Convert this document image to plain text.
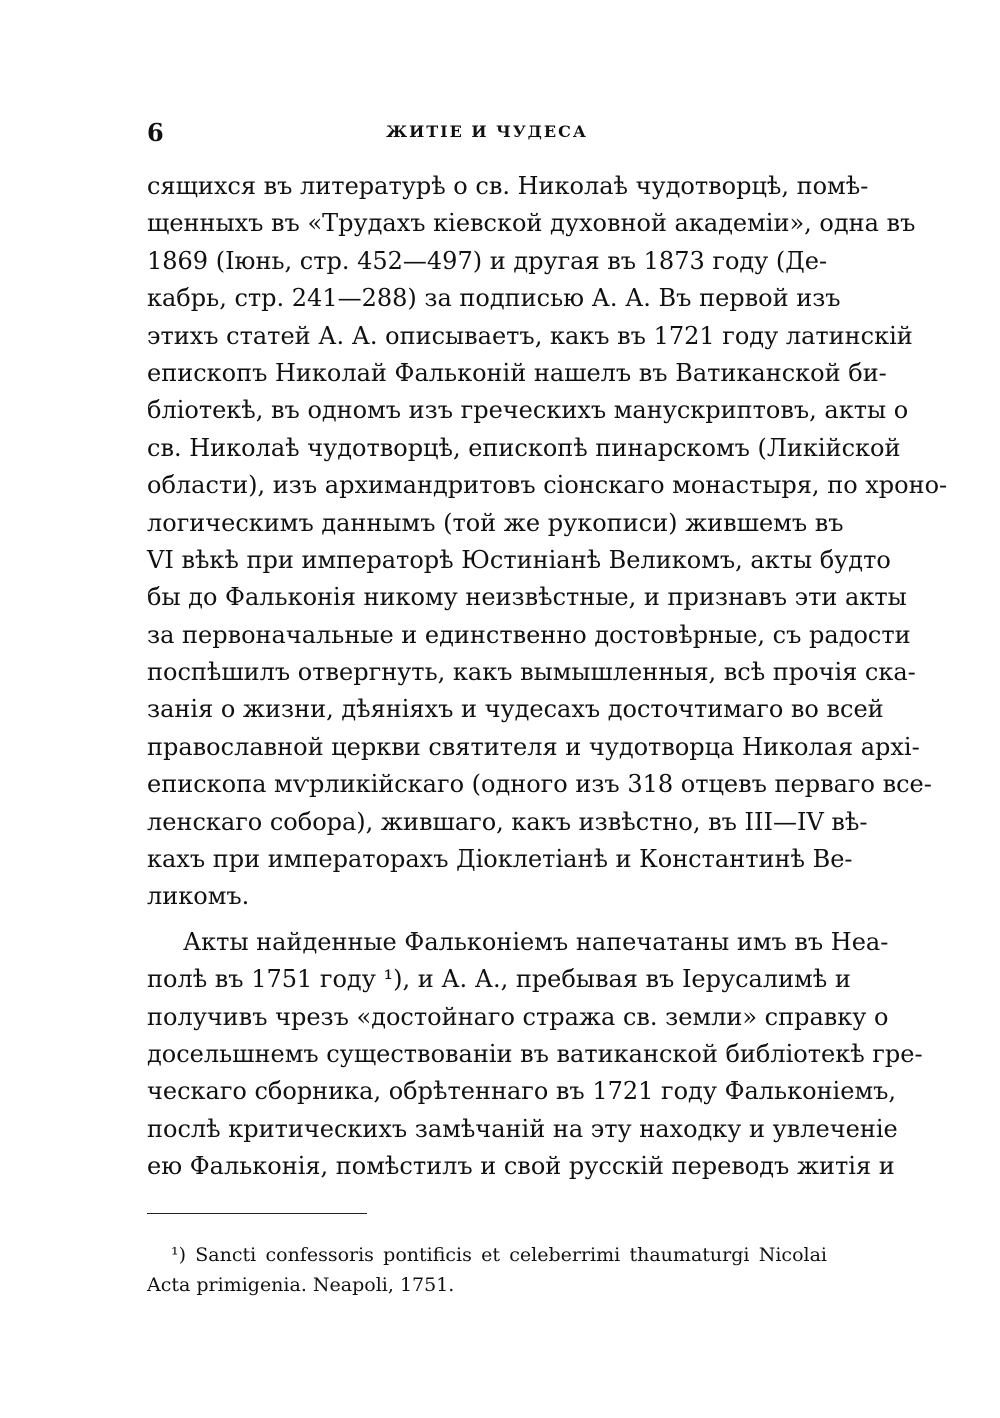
6	ЖИТІЕ И ЧУДЕСА
сящихся въ литературѣ о св. Николаѣ чудотворцѣ, помѣ-
щенныхъ въ «Трудахъ кіевской духовной академіи», одна въ
1869 (Іюнь, стр. 452—497) и другая въ 1873 году (Де-
кабрь, стр. 241—288) за подписью А. А. Въ первой изъ
этихъ статей А. А. описываетъ, какъ въ 1721 году латинскій
епископъ Николай Фальконій нашелъ въ Ватиканской би-
бліотекѣ, въ одномъ изъ греческихъ манускриптовъ, акты о
св. Николаѣ чудотворцѣ, епископѣ пинарскомъ (Ликійской
области), изъ архимандритовъ сіонскаго монастыря, по хроно-
логическимъ даннымъ (той же рукописи) жившемъ въ
VI вѣкѣ при императорѣ Юстиніанѣ Великомъ, акты будто
бы до Фальконія никому неизвѣстные, и признавъ эти акты
за первоначальные и единственно достовѣрные, съ радости
поспѣшилъ отвергнуть, какъ вымышленныя, всѣ прочія ска-
занія о жизни, дѣяніяхъ и чудесахъ досточтимаго во всей
православной церкви святителя и чудотворца Николая архі-
епископа мѵрликійскаго (одного изъ 318 отцевъ перваго все-
ленскаго собора), жившаго, какъ извѣстно, въ III—IV вѣ-
кахъ при императорахъ Діоклетіанѣ и Константинѣ Ве-
ликомъ.
Акты найденные Фальконіемъ напечатаны имъ въ Неа-
полѣ въ 1751 году ¹), и А. А., пребывая въ Іерусалимѣ и
получивъ чрезъ «достойнаго стража св. земли» справку о
досельшнемъ существованіи въ ватиканской библіотекѣ гре-
ческаго сборника, обрѣтеннаго въ 1721 году Фальконіемъ,
послѣ критическихъ замѣчаній на эту находку и увлеченіе
ею Фальконія, помѣстилъ и свой русскій переводъ житія и
¹) Sancti confessoris pontificis et celeberrimi thaumaturgi Nicolai
Acta primigenia. Neapoli, 1751.
